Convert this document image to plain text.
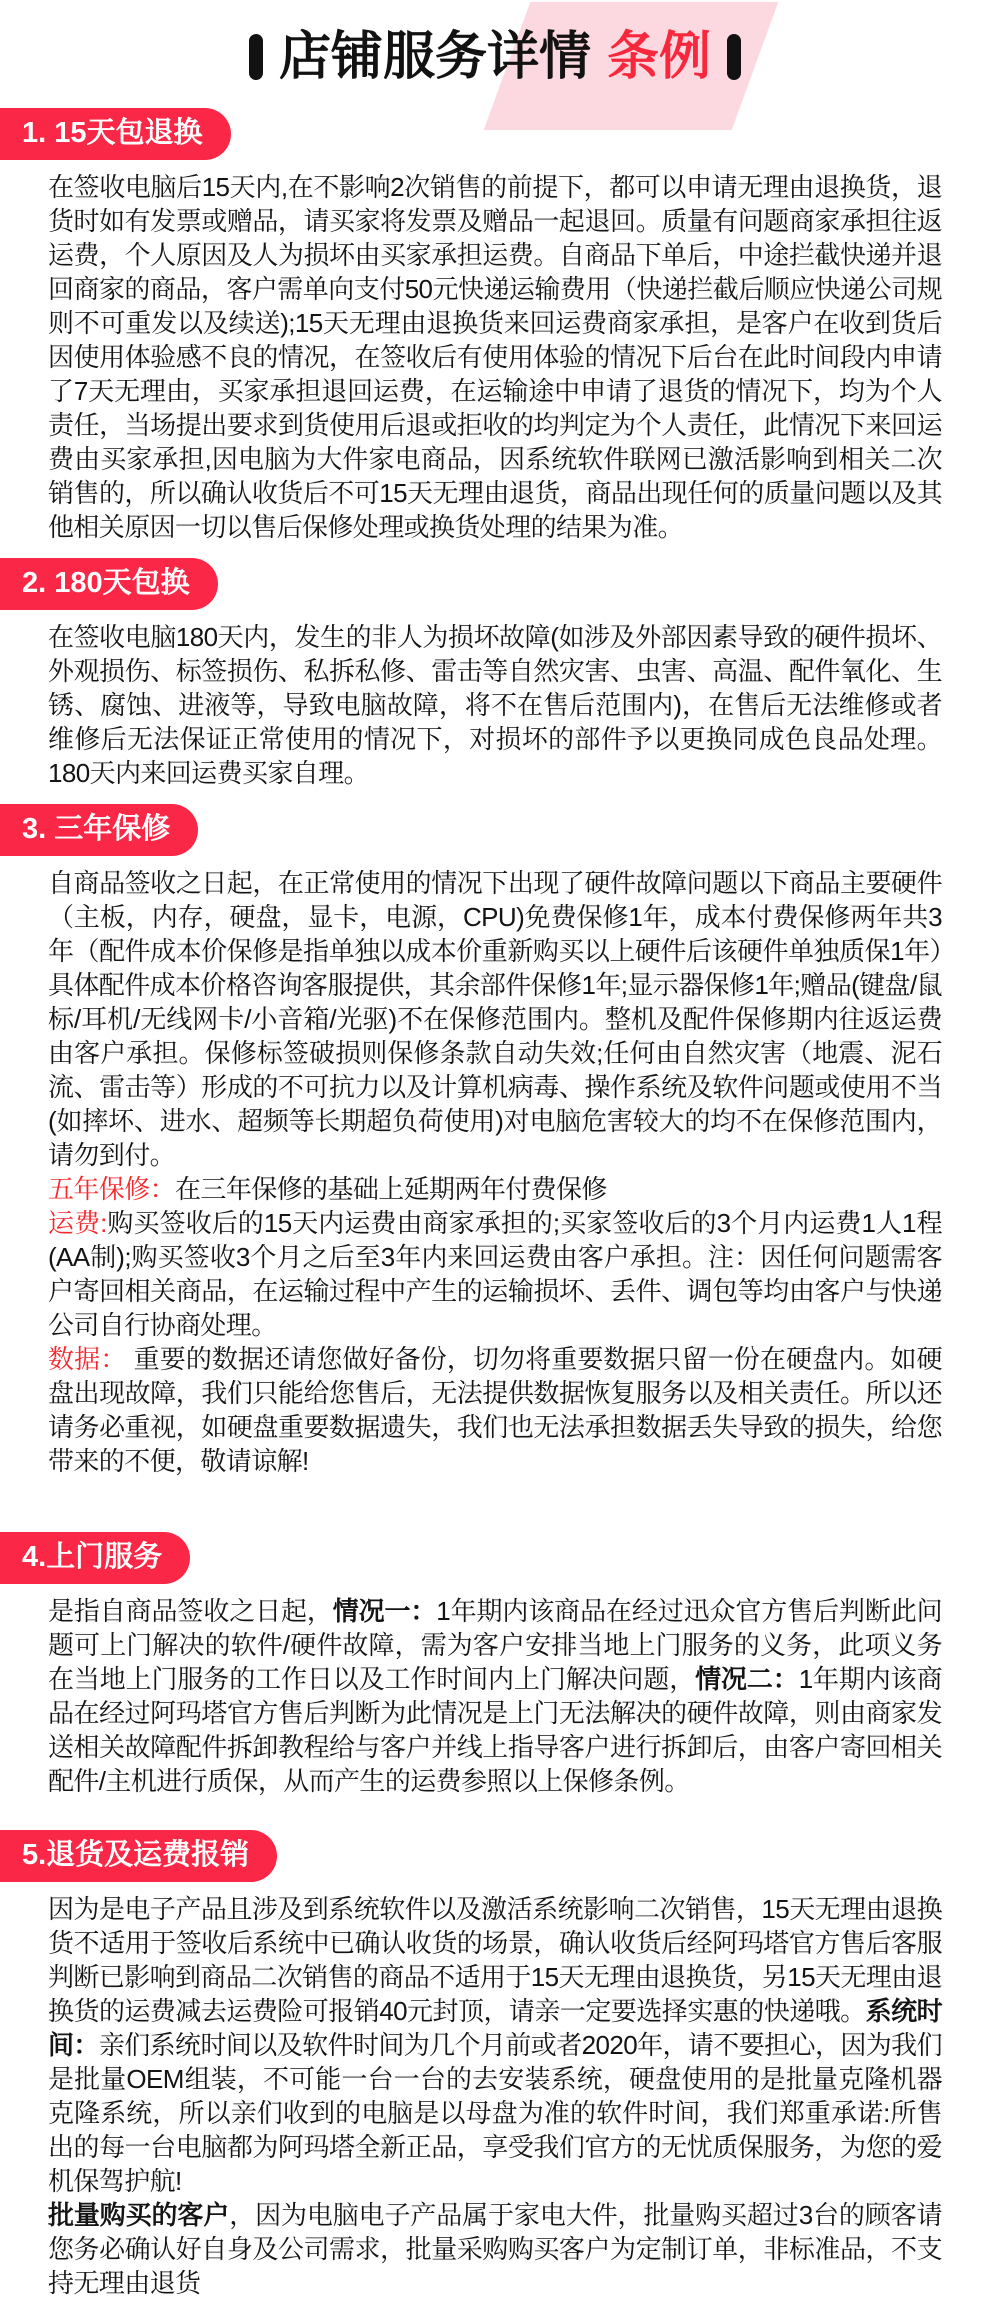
店铺服务详情 条例
1. 15天包退换

在签收电脑后15天内,在不影响2次销售的前提下，都可以申请无理由退换货，退货时如有发票或赠品，请买家将发票及赠品一起退回。质量有问题商家承担往返运费，个人原因及人为损坏由买家承担运费。自商品下单后，中途拦截快递并退回商家的商品，客户需单向支付50元快递运输费用（快递拦截后顺应快递公司规则不可重发以及续送);15天无理由退换货来回运费商家承担，是客户在收到货后因使用体验感不良的情况，在签收后有使用体验的情况下后台在此时间段内申请了7天无理由，买家承担退回运费，在运输途中申请了退货的情况下，均为个人责任，当场提出要求到货使用后退或拒收的均判定为个人责任，此情况下来回运费由买家承担,因电脑为大件家电商品，因系统软件联网已激活影响到相关二次销售的，所以确认收货后不可15天无理由退货，商品出现任何的质量问题以及其他相关原因一切以售后保修处理或换货处理的结果为准。

2. 180天包换

在签收电脑180天内，发生的非人为损坏故障(如涉及外部因素导致的硬件损坏、外观损伤、标签损伤、私拆私修、雷击等自然灾害、虫害、高温、配件氧化、生锈、腐蚀、进液等，导致电脑故障，将不在售后范围内)，在售后无法维修或者维修后无法保证正常使用的情况下，对损坏的部件予以更换同成色良品处理。180天内来回运费买家自理。

3. 三年保修

自商品签收之日起，在正常使用的情况下出现了硬件故障问题以下商品主要硬件（主板，内存，硬盘，显卡，电源，CPU)免费保修1年，成本付费保修两年共3年（配件成本价保修是指单独以成本价重新购买以上硬件后该硬件单独质保1年）具体配件成本价格咨询客服提供，其余部件保修1年;显示器保修1年;赠品(键盘/鼠标/耳机/无线网卡/小音箱/光驱)不在保修范围内。整机及配件保修期内往返运费由客户承担。保修标签破损则保修条款自动失效;任何由自然灾害（地震、泥石流、雷击等）形成的不可抗力以及计算机病毒、操作系统及软件问题或使用不当(如摔坏、进水、超频等长期超负荷使用)对电脑危害较大的均不在保修范围内，请勿到付。

五年保修：在三年保修的基础上延期两年付费保修

运费:购买签收后的15天内运费由商家承担的;买家签收后的3个月内运费1人1程(AA制);购买签收3个月之后至3年内来回运费由客户承担。注：因任何问题需客户寄回相关商品，在运输过程中产生的运输损坏、丢件、调包等均由客户与快递公司自行协商处理。

数据： 重要的数据还请您做好备份，切勿将重要数据只留一份在硬盘内。如硬盘出现故障，我们只能给您售后，无法提供数据恢复服务以及相关责任。所以还请务必重视，如硬盘重要数据遗失，我们也无法承担数据丢失导致的损失，给您带来的不便，敬请谅解!

4.上门服务

是指自商品签收之日起，情况一：1年期内该商品在经过迅众官方售后判断此问题可上门解决的软件/硬件故障，需为客户安排当地上门服务的义务，此项义务在当地上门服务的工作日以及工作时间内上门解决问题，情况二：1年期内该商品在经过阿玛塔官方售后判断为此情况是上门无法解决的硬件故障，则由商家发送相关故障配件拆卸教程给与客户并线上指导客户进行拆卸后，由客户寄回相关配件/主机进行质保，从而产生的运费参照以上保修条例。

5.退货及运费报销

因为是电子产品且涉及到系统软件以及激活系统影响二次销售，15天无理由退换货不适用于签收后系统中已确认收货的场景，确认收货后经阿玛塔官方售后客服判断已影响到商品二次销售的商品不适用于15天无理由退换货，另15天无理由退换货的运费减去运费险可报销40元封顶，请亲一定要选择实惠的快递哦。系统时间：亲们系统时间以及软件时间为几个月前或者2020年，请不要担心，因为我们是批量OEM组装，不可能一台一台的去安装系统，硬盘使用的是批量克隆机器克隆系统，所以亲们收到的电脑是以母盘为准的软件时间，我们郑重承诺:所售出的每一台电脑都为阿玛塔全新正品，享受我们官方的无忧质保服务，为您的爱机保驾护航!

批量购买的客户，因为电脑电子产品属于家电大件，批量购买超过3台的顾客请您务必确认好自身及公司需求，批量采购购买客户为定制订单，非标准品，不支持无理由退货
